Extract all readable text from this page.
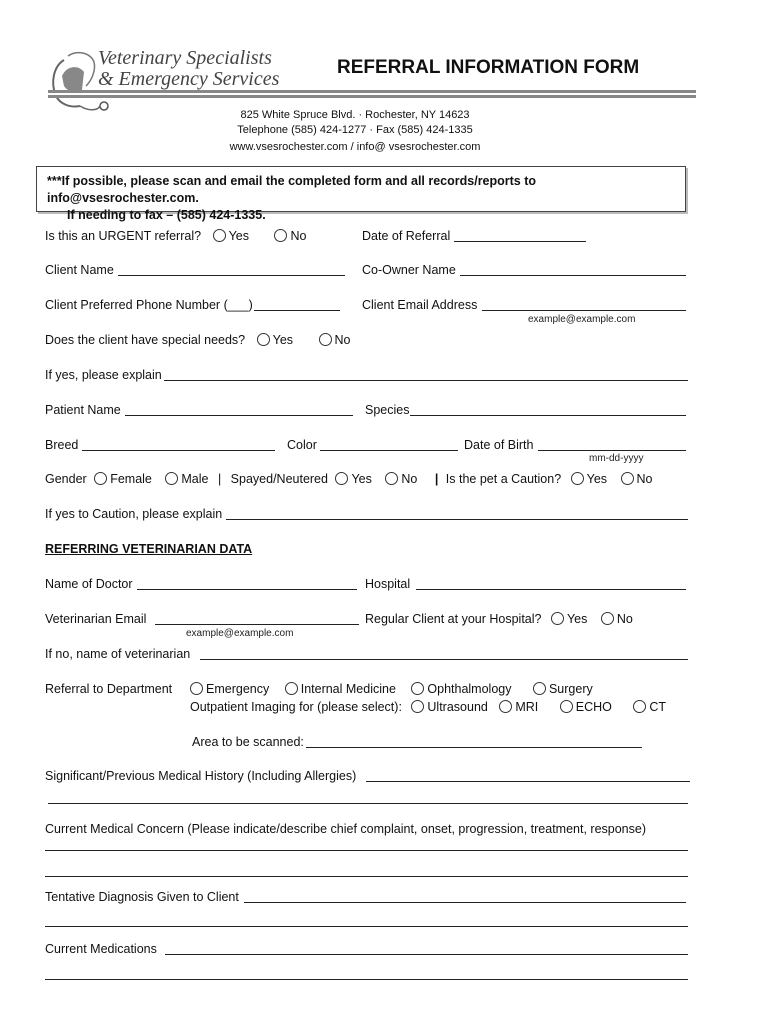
Veterinary Specialists
& Emergency Services
REFERRAL INFORMATION FORM
825 White Spruce Blvd. · Rochester, NY 14623
Telephone (585) 424-1277 · Fax (585) 424-1335
www.vsesrochester.com / info@ vsesrochester.com
***If possible, please scan and email the completed form and all records/reports to info@vsesrochester.com.
If needing to fax – (585) 424-1335.
Is this an URGENT referral? Yes	No	Date of Referral
Client Name	Co-Owner Name
Client Preferred Phone Number (___)	Client Email Address
example@example.com
Does the client have special needs? Yes	No
If yes, please explain
Patient Name	Species
Breed	Color	Date of Birth
mm-dd-yyyy
Gender Female Male | Spayed/Neutered Yes No | Is the pet a Caution? Yes No
If yes to Caution, please explain
REFERRING VETERINARIAN DATA
Name of Doctor	Hospital
Veterinarian Email
example@example.com
Regular Client at your Hospital? Yes No
If no, name of veterinarian
Referral to Department	Emergency	Internal Medicine	Ophthalmology	Surgery
Outpatient Imaging for (please select): Ultrasound MRI	ECHO	CT
Area to be scanned:
Significant/Previous Medical History (Including Allergies)
Current Medical Concern (Please indicate/describe chief complaint, onset, progression, treatment, response)
Tentative Diagnosis Given to Client
Current Medications
